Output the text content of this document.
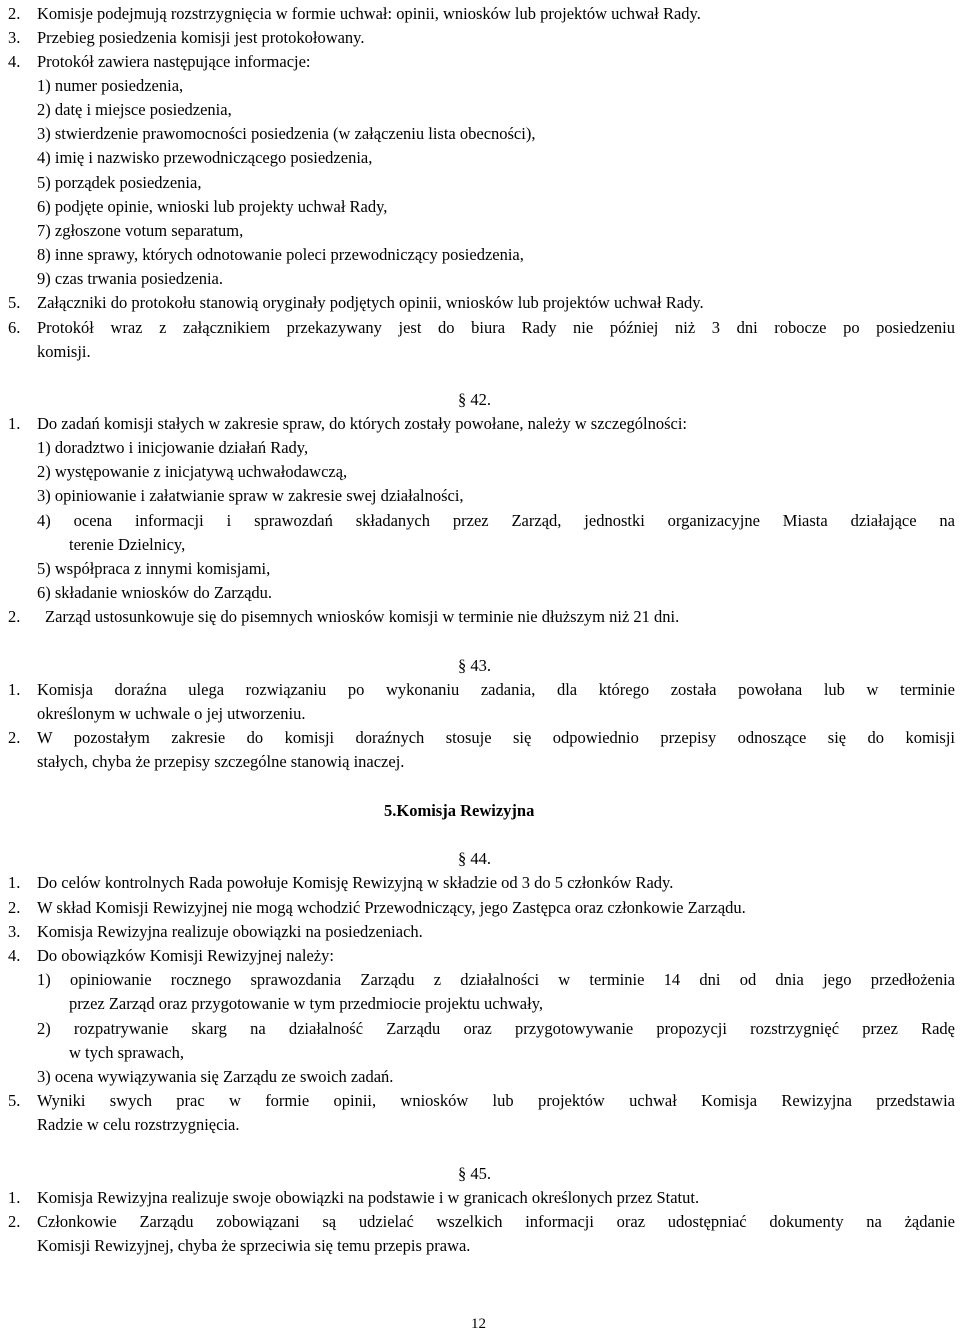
2. Komisje podejmują rozstrzygnięcia w formie uchwał: opinii, wniosków lub projektów uchwał Rady.
3. Przebieg posiedzenia komisji jest protokołowany.
4. Protokół zawiera następujące informacje:
1) numer posiedzenia,
2) datę i miejsce posiedzenia,
3) stwierdzenie prawomocności posiedzenia (w załączeniu lista obecności),
4) imię i nazwisko przewodniczącego posiedzenia,
5) porządek posiedzenia,
6) podjęte opinie, wnioski lub projekty uchwał Rady,
7) zgłoszone votum separatum,
8) inne sprawy, których odnotowanie poleci przewodniczący posiedzenia,
9) czas trwania posiedzenia.
5. Załączniki do protokołu stanowią oryginały podjętych opinii, wniosków lub projektów uchwał Rady.
6. Protokół wraz z załącznikiem przekazywany jest do biura Rady nie później niż 3 dni robocze po posiedzeniu
komisji.
§ 42.
1. Do zadań komisji stałych w zakresie spraw, do których zostały powołane, należy w szczególności:
1) doradztwo i inicjowanie działań Rady,
2) występowanie z inicjatywą uchwałodawczą,
3) opiniowanie i załatwianie spraw w zakresie swej działalności,
4) ocena informacji i sprawozdań składanych przez Zarząd, jednostki organizacyjne Miasta działające na
terenie Dzielnicy,
5) współpraca z innymi komisjami,
6) składanie wniosków do Zarządu.
2. Zarząd ustosunkowuje się do pisemnych wniosków komisji w terminie nie dłuższym niż 21 dni.
§ 43.
1. Komisja doraźna ulega rozwiązaniu po wykonaniu zadania, dla którego została powołana lub w terminie
określonym w uchwale o jej utworzeniu.
2. W pozostałym zakresie do komisji doraźnych stosuje się odpowiednio przepisy odnoszące się do komisji
stałych, chyba że przepisy szczególne stanowią inaczej.
5.Komisja Rewizyjna
§ 44.
1. Do celów kontrolnych Rada powołuje Komisję Rewizyjną w składzie od 3 do 5 członków Rady.
2. W skład Komisji Rewizyjnej nie mogą wchodzić Przewodniczący, jego Zastępca oraz członkowie Zarządu.
3. Komisja Rewizyjna realizuje obowiązki na posiedzeniach.
4. Do obowiązków Komisji Rewizyjnej należy:
1) opiniowanie rocznego sprawozdania Zarządu z działalności w terminie 14 dni od dnia jego przedłożenia
przez Zarząd oraz przygotowanie w tym przedmiocie projektu uchwały,
2) rozpatrywanie skarg na działalność Zarządu oraz przygotowywanie propozycji rozstrzygnięć przez Radę
w tych sprawach,
3) ocena wywiązywania się Zarządu ze swoich zadań.
5. Wyniki swych prac w formie opinii, wniosków lub projektów uchwał Komisja Rewizyjna przedstawia
Radzie w celu rozstrzygnięcia.
§ 45.
1. Komisja Rewizyjna realizuje swoje obowiązki na podstawie i w granicach określonych przez Statut.
2. Członkowie Zarządu zobowiązani są udzielać wszelkich informacji oraz udostępniać dokumenty na żądanie
Komisji Rewizyjnej, chyba że sprzeciwia się temu przepis prawa.
12
